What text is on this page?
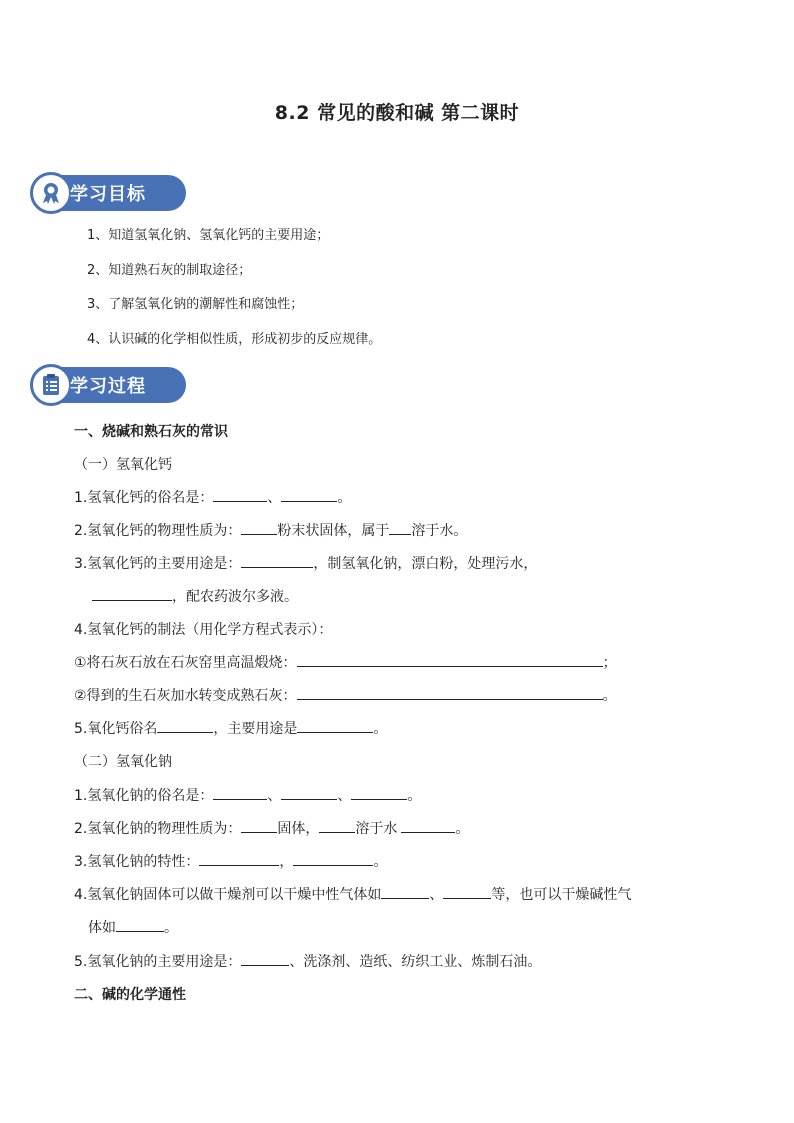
8.2 常见的酸和碱 第二课时
学习目标
1、知道氢氧化钠、氢氧化钙的主要用途；
2、知道熟石灰的制取途径；
3、了解氢氧化钠的潮解性和腐蚀性；
4、认识碱的化学相似性质，形成初步的反应规律。
学习过程
一、烧碱和熟石灰的常识
（一）氢氧化钙
1.氢氧化钙的俗名是：	、	。
2.氢氧化钙的物理性质为：	粉末状固体，属于 溶于水。
3.氢氧化钙的主要用途是：	，制氢氧化钠，漂白粉，处理污水，
，配农药波尔多液。
4.氢氧化钙的制法（用化学方程式表示）：
①将石灰石放在石灰窑里高温煅烧：	；
②得到的生石灰加水转变成熟石灰：	。
5.氧化钙俗名	，主要用途是	。
（二）氢氧化钠
1.氢氧化钠的俗名是：	、	、	。
2.氢氧化钠的物理性质为：	固体，	溶于水	。
3.氢氧化钠的特性：	，	。
4.氢氧化钠固体可以做干燥剂可以干燥中性气体如	、	等，也可以干燥碱性气
体如	。
5.氢氧化钠的主要用途是：	、洗涤剂、造纸、纺织工业、炼制石油。
二、碱的化学通性
